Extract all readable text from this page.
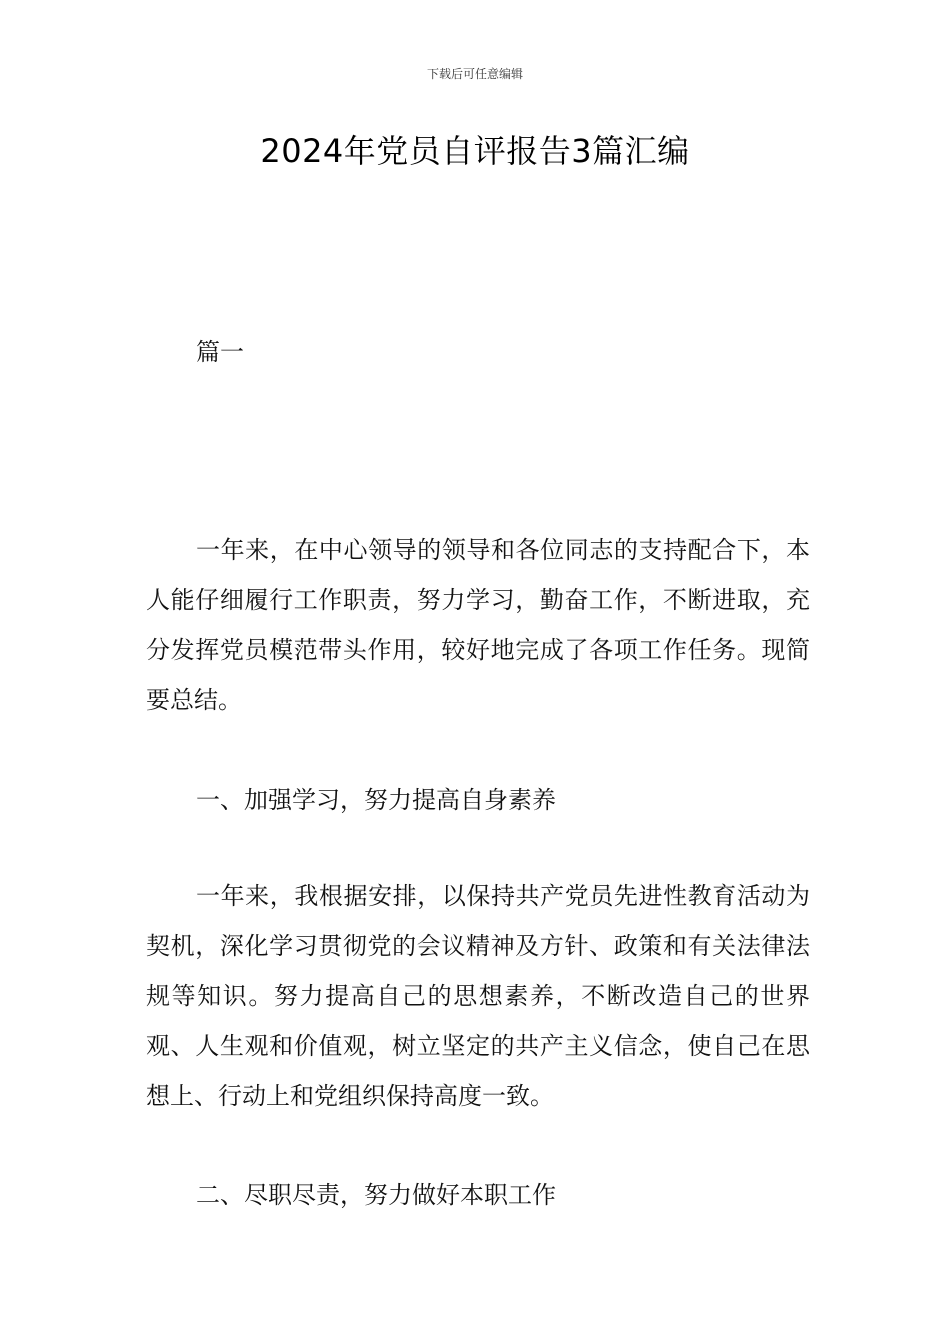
下载后可任意编辑
2024年党员自评报告3篇汇编
篇一

一年来，在中心领导的领导和各位同志的支持配合下，本人能仔细履行工作职责，努力学习，勤奋工作，不断进取，充分发挥党员模范带头作用，较好地完成了各项工作任务。现简要总结。

一、加强学习，努力提高自身素养

一年来，我根据安排，以保持共产党员先进性教育活动为契机，深化学习贯彻党的会议精神及方针、政策和有关法律法规等知识。努力提高自己的思想素养，不断改造自己的世界观、人生观和价值观，树立坚定的共产主义信念，使自己在思想上、行动上和党组织保持高度一致。

二、尽职尽责，努力做好本职工作
